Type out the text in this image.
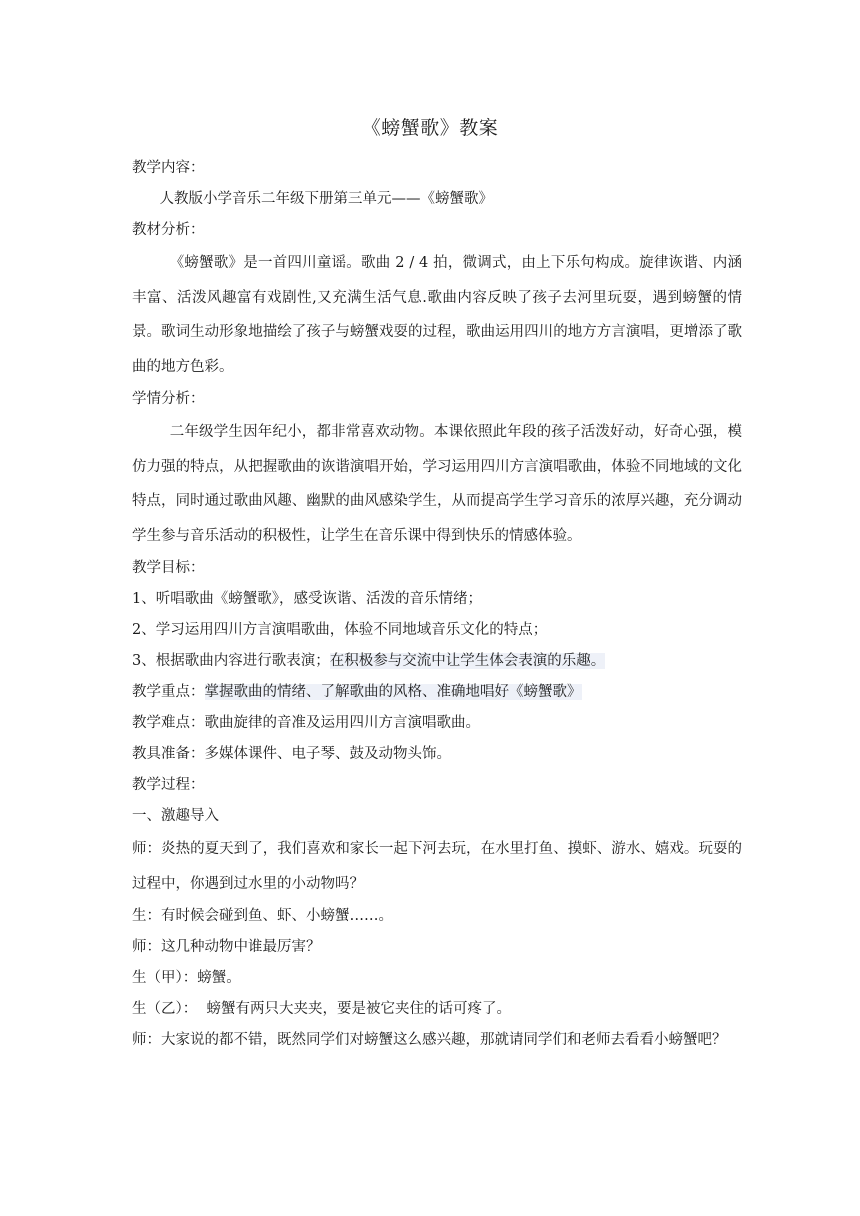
《螃蟹歌》教案
教学内容：
人教版小学音乐二年级下册第三单元——《螃蟹歌》
教材分析：

《螃蟹歌》是一首四川童谣。歌曲 2 / 4 拍，微调式，由上下乐句构成。旋律诙谐、内涵丰富、活泼风趣富有戏剧性,又充满生活气息.歌曲内容反映了孩子去河里玩耍，遇到螃蟹的情景。歌词生动形象地描绘了孩子与螃蟹戏耍的过程，歌曲运用四川的地方方言演唱，更增添了歌曲的地方色彩。

学情分析：

二年级学生因年纪小，都非常喜欢动物。本课依照此年段的孩子活泼好动，好奇心强，模仿力强的特点，从把握歌曲的诙谐演唱开始，学习运用四川方言演唱歌曲，体验不同地域的文化特点，同时通过歌曲风趣、幽默的曲风感染学生，从而提高学生学习音乐的浓厚兴趣，充分调动学生参与音乐活动的积极性，让学生在音乐课中得到快乐的情感体验。

教学目标：
1、听唱歌曲《螃蟹歌》，感受诙谐、活泼的音乐情绪；
2、学习运用四川方言演唱歌曲，体验不同地域音乐文化的特点；
3、根据歌曲内容进行歌表演；在积极参与交流中让学生体会表演的乐趣。
教学重点：掌握歌曲的情绪、了解歌曲的风格、准确地唱好《螃蟹歌》
教学难点：歌曲旋律的音准及运用四川方言演唱歌曲。
教具准备：多媒体课件、电子琴、鼓及动物头饰。
教学过程：
一、激趣导入

师：炎热的夏天到了，我们喜欢和家长一起下河去玩，在水里打鱼、摸虾、游水、嬉戏。玩耍的过程中，你遇到过水里的小动物吗？

生：有时候会碰到鱼、虾、小螃蟹……。
师：这几种动物中谁最厉害？
生（甲）：螃蟹。
生（乙）：  螃蟹有两只大夹夹，要是被它夹住的话可疼了。
师：大家说的都不错，既然同学们对螃蟹这么感兴趣，那就请同学们和老师去看看小螃蟹吧？
